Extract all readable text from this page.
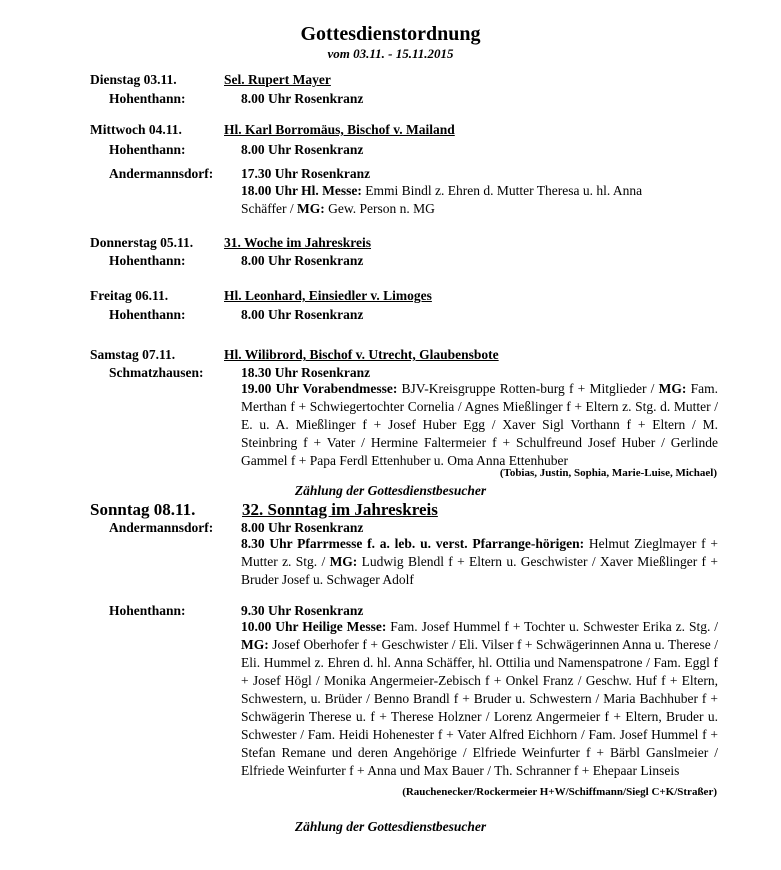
Gottesdienstordnung
vom 03.11. - 15.11.2015
Dienstag 03.11.	Sel. Rupert Mayer
Hohenthann:	8.00 Uhr Rosenkranz
Mittwoch 04.11.	Hl. Karl Borromäus, Bischof v. Mailand
Hohenthann:	8.00 Uhr Rosenkranz
Andermannsdorf: 17.30 Uhr Rosenkranz
18.00 Uhr Hl. Messe: Emmi Bindl z. Ehren d. Mutter Theresa u. hl. Anna
Schäffer / MG: Gew. Person n. MG
Donnerstag 05.11. 31. Woche im Jahreskreis
Hohenthann:	8.00 Uhr Rosenkranz
Freitag 06.11.	Hl. Leonhard, Einsiedler v. Limoges
Hohenthann:	8.00 Uhr Rosenkranz
Samstag 07.11.	Hl. Wilibrord, Bischof v. Utrecht, Glaubensbote
Schmatzhausen:	18.30 Uhr Rosenkranz
19.00 Uhr Vorabendmesse: BJV-Kreisgruppe Rotten-burg f + Mitglieder / MG: Fam. Merthan f + Schwiegertochter Cornelia / Agnes Mießlinger f + Eltern z. Stg. d. Mutter / E. u. A. Mießlinger f + Josef Huber Egg / Xaver Sigl Vorthann f + Eltern / M. Steinbring f + Vater / Hermine Faltermeier f + Schulfreund Josef Huber / Gerlinde Gammel f + Papa Ferdl Ettenhuber u. Oma Anna Ettenhuber
(Tobias, Justin, Sophia, Marie-Luise, Michael)
Zählung der Gottesdienstbesucher
Sonntag 08.11.	32. Sonntag im Jahreskreis
Andermannsdorf: 8.00 Uhr Rosenkranz
8.30 Uhr Pfarrmesse f. a. leb. u. verst. Pfarrange-hörigen: Helmut Zieglmayer f + Mutter z. Stg. / MG: Ludwig Blendl f + Eltern u. Geschwister / Xaver Mießlinger f + Bruder Josef u. Schwager Adolf
Hohenthann:	9.30 Uhr Rosenkranz
10.00 Uhr Heilige Messe: Fam. Josef Hummel f + Tochter u. Schwester Erika z. Stg. / MG: Josef Oberhofer f + Geschwister / Eli. Vilser f + Schwägerinnen Anna u. Therese / Eli. Hummel z. Ehren d. hl. Anna Schäffer, hl. Ottilia und Namenspatrone / Fam. Eggl f + Josef Högl / Monika Angermeier-Zebisch f + Onkel Franz / Geschw. Huf f + Eltern, Schwestern, u. Brüder / Benno Brandl f + Bruder u. Schwestern / Maria Bachhuber f + Schwägerin Therese u. f + Therese Holzner / Lorenz Angermeier f + Eltern, Bruder u. Schwester / Fam. Heidi Hohenester f + Vater Alfred Eichhorn / Fam. Josef Hummel f + Stefan Remane und deren Angehörige / Elfriede Weinfurter f + Bärbl Ganslmeier / Elfriede Weinfurter f + Anna und Max Bauer / Th. Schranner f + Ehepaar Linseis
(Rauchenecker/Rockermeier H+W/Schiffmann/Siegl C+K/Straßer)
Zählung der Gottesdienstbesucher
